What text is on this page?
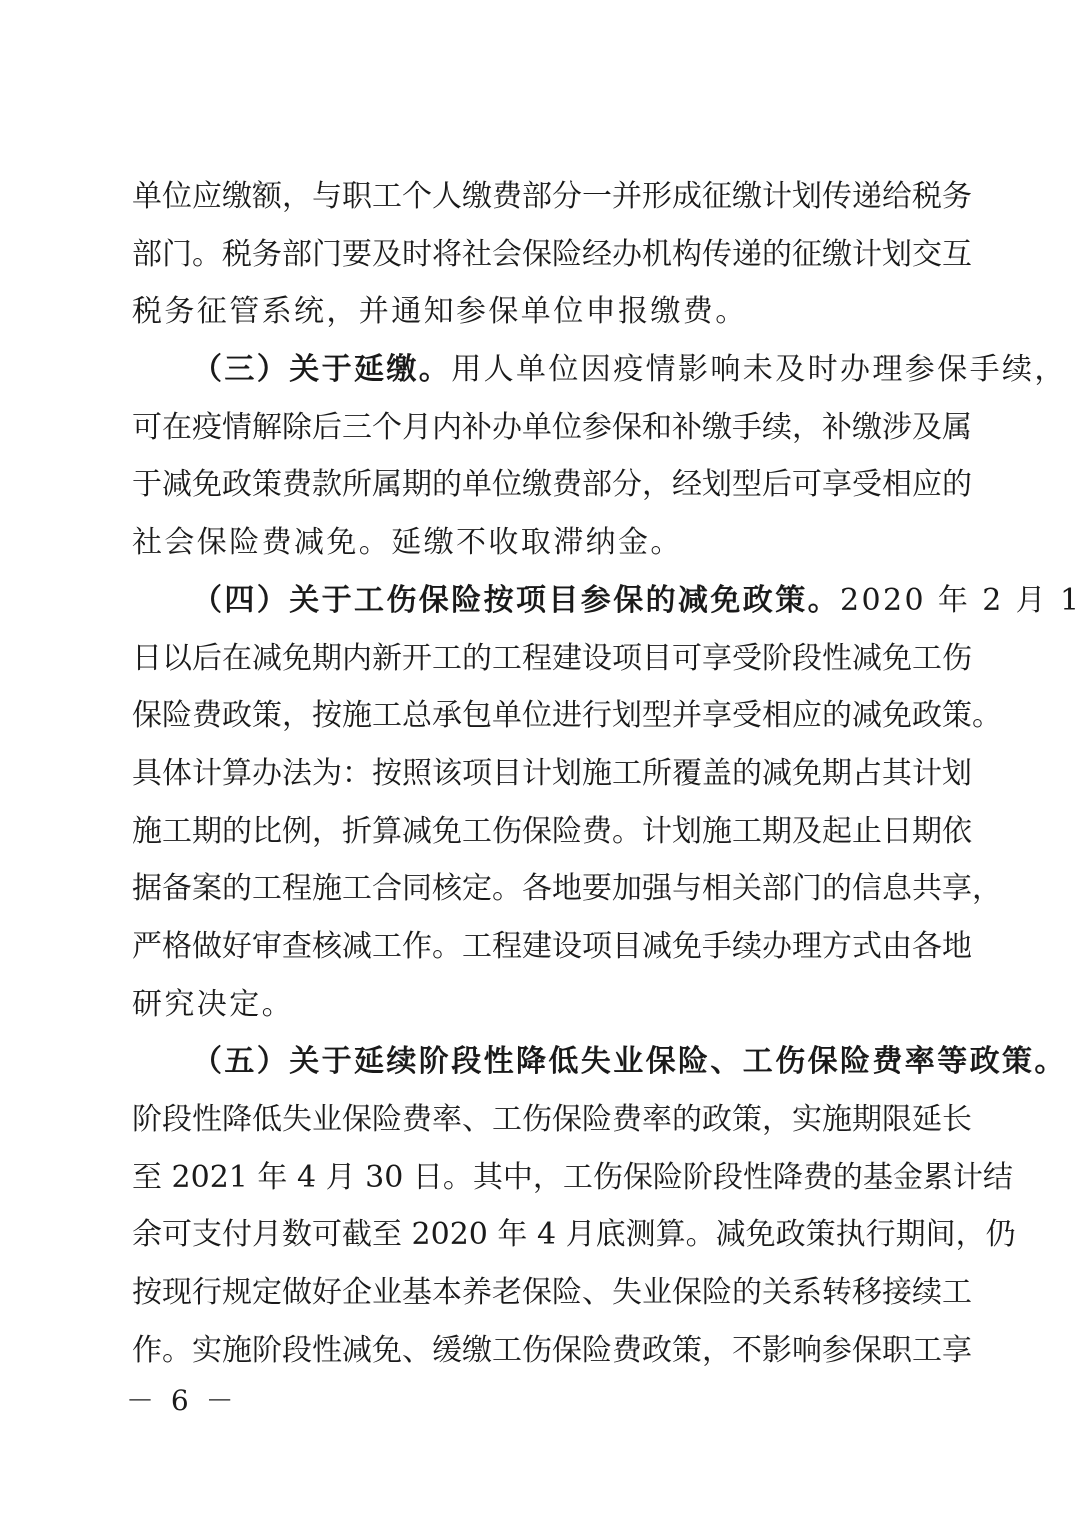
单位应缴额，与职工个人缴费部分一并形成征缴计划传递给税务
部门。税务部门要及时将社会保险经办机构传递的征缴计划交互
税务征管系统，并通知参保单位申报缴费。
（三）关于延缴。用人单位因疫情影响未及时办理参保手续，
可在疫情解除后三个月内补办单位参保和补缴手续，补缴涉及属
于减免政策费款所属期的单位缴费部分，经划型后可享受相应的
社会保险费减免。延缴不收取滞纳金。
（四）关于工伤保险按项目参保的减免政策。2020 年 2 月 1
日以后在减免期内新开工的工程建设项目可享受阶段性减免工伤
保险费政策，按施工总承包单位进行划型并享受相应的减免政策。
具体计算办法为：按照该项目计划施工所覆盖的减免期占其计划
施工期的比例，折算减免工伤保险费。计划施工期及起止日期依
据备案的工程施工合同核定。各地要加强与相关部门的信息共享，
严格做好审查核减工作。工程建设项目减免手续办理方式由各地
研究决定。
（五）关于延续阶段性降低失业保险、工伤保险费率等政策。
阶段性降低失业保险费率、工伤保险费率的政策，实施期限延长
至 2021 年 4 月 30 日。其中，工伤保险阶段性降费的基金累计结
余可支付月数可截至 2020 年 4 月底测算。减免政策执行期间，仍
按现行规定做好企业基本养老保险、失业保险的关系转移接续工
作。实施阶段性减免、缓缴工伤保险费政策，不影响参保职工享
－ 6 －
